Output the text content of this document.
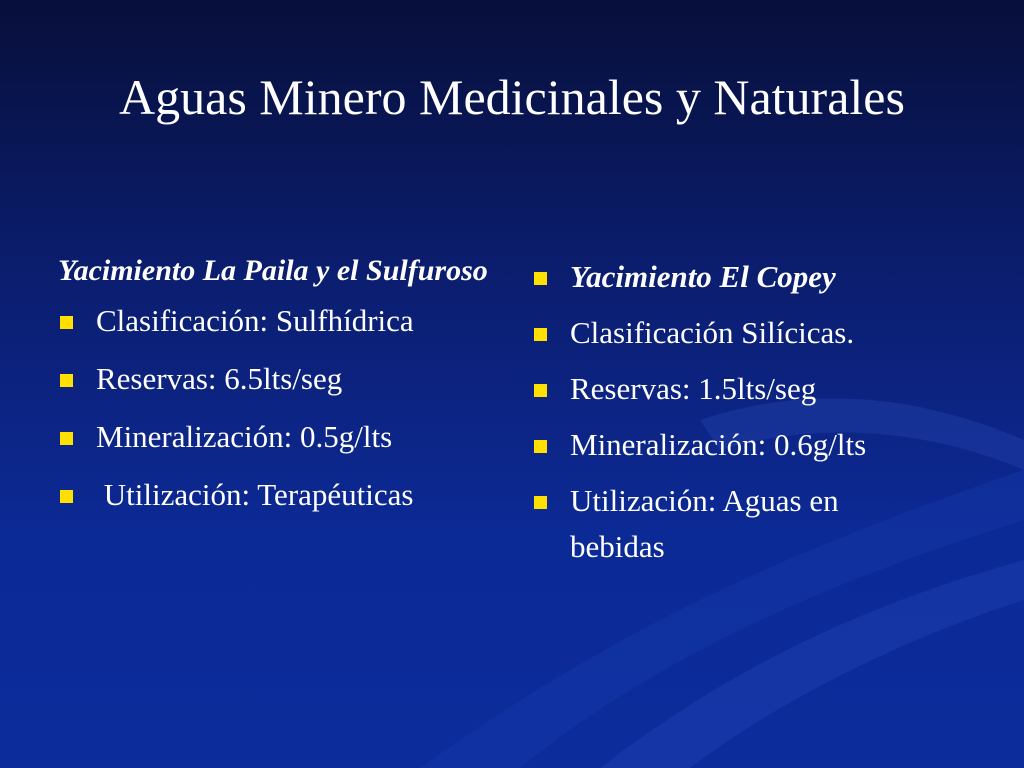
Aguas Minero Medicinales y Naturales
Yacimiento La Paila y el Sulfuroso
Clasificación: Sulfhídrica
Reservas: 6.5lts/seg
Mineralización: 0.5g/lts
Utilización: Terapéuticas
Yacimiento El Copey
Clasificación Silícicas.
Reservas: 1.5lts/seg
Mineralización: 0.6g/lts
Utilización: Aguas en bebidas
